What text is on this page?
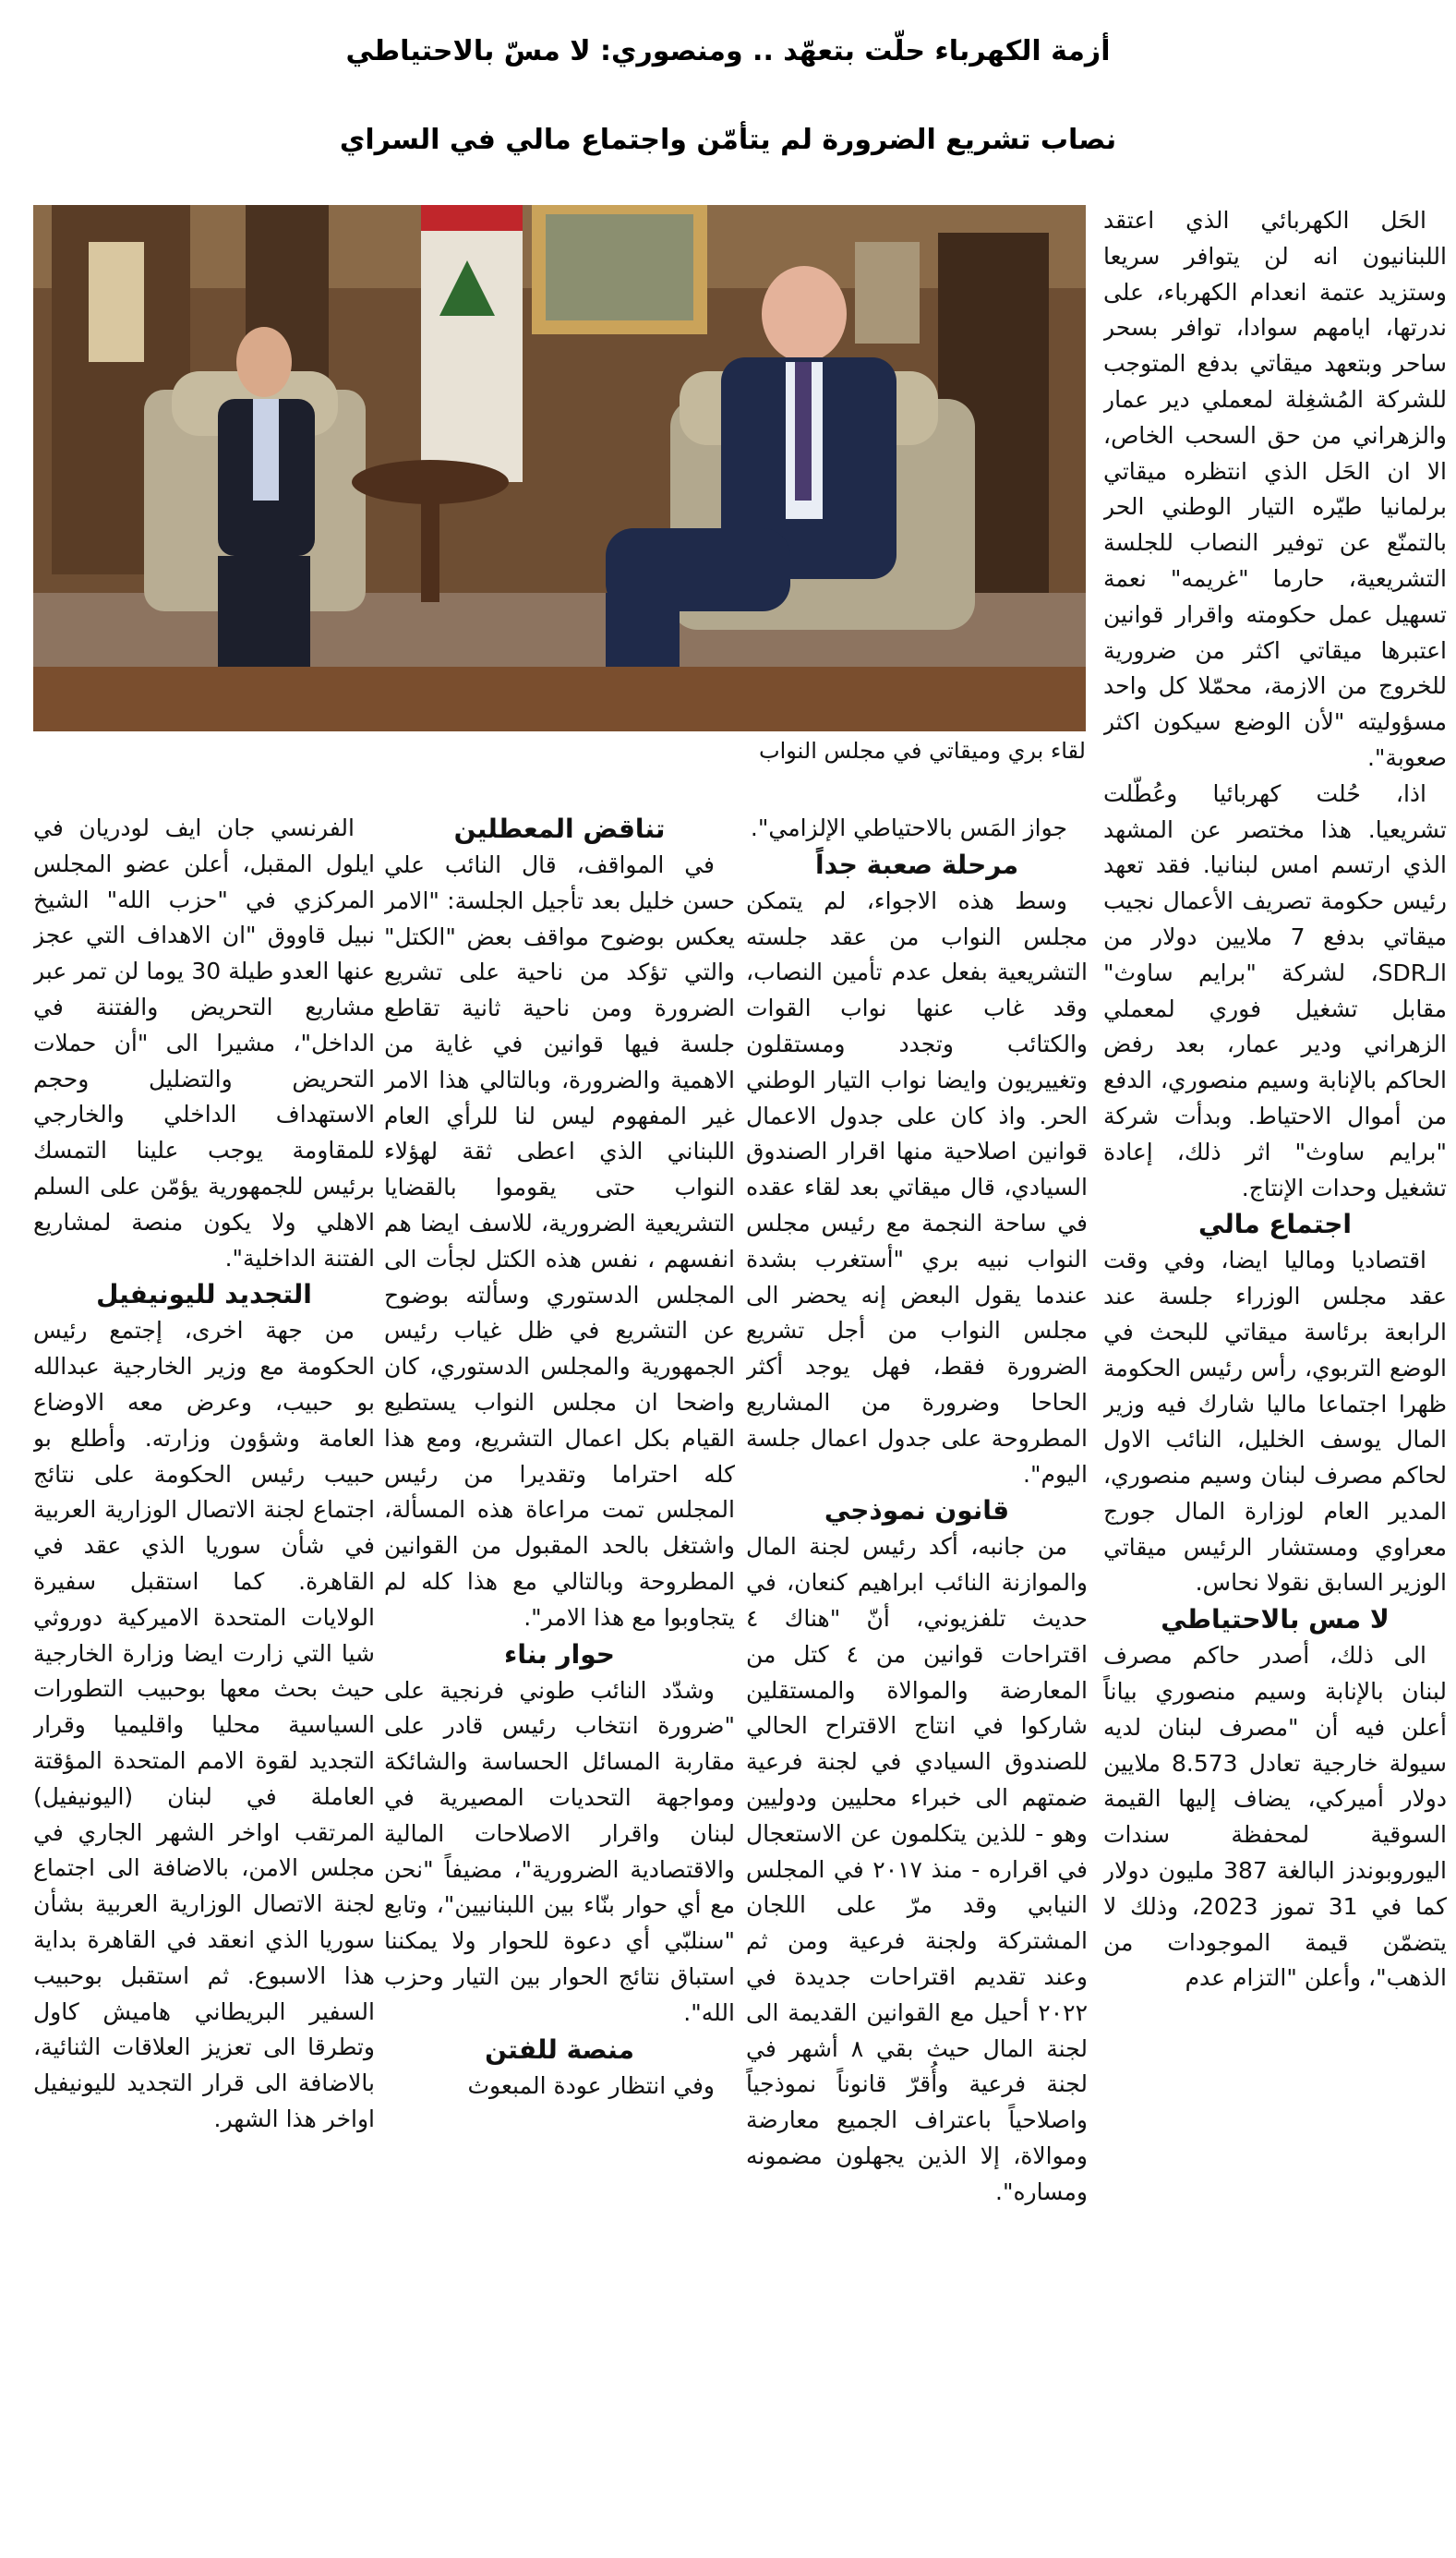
أزمة الكهرباء حلّت بتعهّد .. ومنصوري: لا مسّ بالاحتياطي
نصاب تشريع الضرورة لم يتأمّن واجتماع مالي في السراي
لقاء بري وميقاتي في مجلس النواب

الحَل الكهربائي الذي اعتقد اللبنانيون انه لن يتوافر سريعا وستزيد عتمة انعدام الكهرباء، على ندرتها، ايامهم سوادا، توافر بسحر ساحر وبتعهد ميقاتي بدفع المتوجب للشركة المُشغِلة لمعملي دير عمار والزهراني من حق السحب الخاص، الا ان الحَل الذي انتظره ميقاتي برلمانيا طيّره التيار الوطني الحر بالتمنّع عن توفير النصاب للجلسة التشريعية، حارما "غريمه" نعمة تسهيل عمل حكومته واقرار قوانين اعتبرها ميقاتي اكثر من ضرورية للخروج من الازمة، محمّلا كل واحد مسؤوليته "لأن الوضع سيكون اكثر صعوبة".

اذا، حُلت كهربائيا وعُطّلت تشريعيا. هذا مختصر عن المشهد الذي ارتسم امس لبنانيا. فقد تعهد رئيس حكومة تصريف الأعمال نجيب ميقاتي بدفع 7 ملايين دولار من الـSDR، لشركة "برايم ساوث" مقابل تشغيل فوري لمعملي الزهراني ودير عمار، بعد رفض الحاكم بالإنابة وسيم منصوري، الدفع من أموال الاحتياط. وبدأت شركة "برايم ساوث" اثر ذلك، إعادة تشغيل وحدات الإنتاج.

اجتماع مالي

اقتصاديا وماليا ايضا، وفي وقت عقد مجلس الوزراء جلسة عند الرابعة برئاسة ميقاتي للبحث في الوضع التربوي، رأس رئيس الحكومة ظهرا اجتماعا ماليا شارك فيه وزير المال يوسف الخليل، النائب الاول لحاكم مصرف لبنان وسيم منصوري، المدير العام لوزارة المال جورج معراوي ومستشار الرئيس ميقاتي الوزير السابق نقولا نحاس.

لا مس بالاحتياطي

الى ذلك، أصدر حاكم مصرف لبنان بالإنابة وسيم منصوري بياناً أعلن فيه أن "مصرف لبنان لديه سيولة خارجية تعادل 8.573 ملايين دولار أميركي، يضاف إليها القيمة السوقية لمحفظة سندات اليوروبوندز البالغة 387 مليون دولار كما في 31 تموز 2023، وذلك لا يتضمّن قيمة الموجودات من الذهب"، وأعلن "التزام عدم

جواز المَس بالاحتياطي الإلزامي".

مرحلة صعبة جداً

وسط هذه الاجواء، لم يتمكن مجلس النواب من عقد جلسته التشريعية بفعل عدم تأمين النصاب، وقد غاب عنها نواب القوات والكتائب وتجدد ومستقلون وتغييريون وايضا نواب التيار الوطني الحر. واذ كان على جدول الاعمال قوانين اصلاحية منها اقرار الصندوق السيادي، قال ميقاتي بعد لقاء عقده في ساحة النجمة مع رئيس مجلس النواب نبيه بري "أستغرب بشدة عندما يقول البعض إنه يحضر الى مجلس النواب من أجل تشريع الضرورة فقط، فهل يوجد أكثر الحاحا وضرورة من المشاريع المطروحة على جدول اعمال جلسة اليوم".

قانون نموذجي

من جانبه، أكد رئيس لجنة المال والموازنة النائب ابراهيم كنعان، في حديث تلفزيوني، أنّ "هناك ٤ اقتراحات قوانين من ٤ كتل من المعارضة والموالاة والمستقلين شاركوا في انتاج الاقتراح الحالي للصندوق السيادي في لجنة فرعية ضمتهم الى خبراء محليين ودوليين وهو - للذين يتكلمون عن الاستعجال في اقراره - منذ ٢٠١٧ في المجلس النيابي وقد مرّ على اللجان المشتركة ولجنة فرعية ومن ثم وعند تقديم اقتراحات جديدة في ٢٠٢٢ أحيل مع القوانين القديمة الى لجنة المال حيث بقي ٨ أشهر في لجنة فرعية وأُقرّ قانوناً نموذجياً واصلاحياً باعتراف الجميع معارضة وموالاة، إلا الذين يجهلون مضمونه ومساره".

تناقض المعطلين

في المواقف، قال النائب علي حسن خليل بعد تأجيل الجلسة: "الامر يعكس بوضوح مواقف بعض "الكتل" والتي تؤكد من ناحية على تشريع الضرورة ومن ناحية ثانية تقاطع جلسة فيها قوانين في غاية من الاهمية والضرورة، وبالتالي هذا الامر غير المفهوم ليس لنا للرأي العام اللبناني الذي اعطى ثقة لهؤلاء النواب حتى يقوموا بالقضايا التشريعية الضرورية، للاسف ايضا هم انفسهم ، نفس هذه الكتل لجأت الى المجلس الدستوري وسألته بوضوح عن التشريع في ظل غياب رئيس الجمهورية والمجلس الدستوري، كان واضحا ان مجلس النواب يستطيع القيام بكل اعمال التشريع، ومع هذا كله احتراما وتقديرا من رئيس المجلس تمت مراعاة هذه المسألة، واشتغل بالحد المقبول من القوانين المطروحة وبالتالي مع هذا كله لم يتجاوبوا مع هذا الامر".

حوار بناء

وشدّد النائب طوني فرنجية على "ضرورة انتخاب رئيس قادر على مقاربة المسائل الحساسة والشائكة ومواجهة التحديات المصيرية في لبنان واقرار الاصلاحات المالية والاقتصادية الضرورية"، مضيفاً "نحن مع أي حوار بنّاء بين اللبنانيين"، وتابع "سنلبّي أي دعوة للحوار ولا يمكننا استباق نتائج الحوار بين التيار وحزب الله".

منصة للفتن

وفي انتظار عودة المبعوث

الفرنسي جان ايف لودريان في ايلول المقبل، أعلن عضو المجلس المركزي في "حزب الله" الشيخ نبيل قاووق "ان الاهداف التي عجز عنها العدو طيلة 30 يوما لن تمر عبر مشاريع التحريض والفتنة في الداخل"، مشيرا الى "أن حملات التحريض والتضليل وحجم الاستهداف الداخلي والخارجي للمقاومة يوجب علينا التمسك برئيس للجمهورية يؤمّن على السلم الاهلي ولا يكون منصة لمشاريع الفتنة الداخلية".

التجديد لليونيفيل

من جهة اخرى، إجتمع رئيس الحكومة مع وزير الخارجية عبدالله بو حبيب، وعرض معه الاوضاع العامة وشؤون وزارته. وأطلع بو حبيب رئيس الحكومة على نتائج اجتماع لجنة الاتصال الوزارية العربية في شأن سوريا الذي عقد في القاهرة. كما استقبل سفيرة الولايات المتحدة الاميركية دوروثي شيا التي زارت ايضا وزارة الخارجية حيث بحث معها بوحبيب التطورات السياسية محليا واقليميا وقرار التجديد لقوة الامم المتحدة المؤقتة العاملة في لبنان (اليونيفيل) المرتقب اواخر الشهر الجاري في مجلس الامن، بالاضافة الى اجتماع لجنة الاتصال الوزارية العربية بشأن سوريا الذي انعقد في القاهرة بداية هذا الاسبوع. ثم استقبل بوحبيب السفير البريطاني هاميش كاول وتطرقا الى تعزيز العلاقات الثنائية، بالاضافة الى قرار التجديد لليونيفيل اواخر هذا الشهر.
